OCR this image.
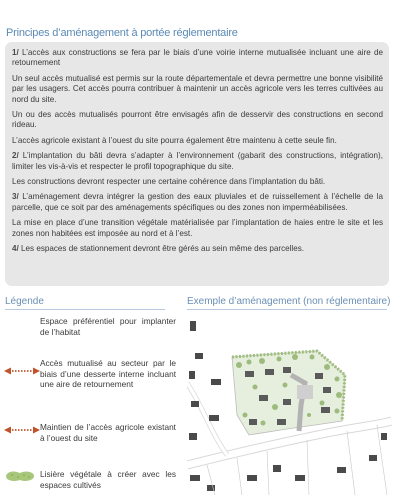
Principes d’aménagement à portée réglementaire

1/ L’accès aux constructions se fera par le biais d’une voirie interne mutualisée incluant une aire de retournement

Un seul accès mutualisé est permis sur la route départementale et devra permettre une bonne visibilité par les usagers. Cet accès pourra contribuer à maintenir un accès agricole vers les terres cultivées au nord du site.

Un ou des accès mutualisés pourront être envisagés afin de desservir des constructions en second rideau.

L’accès agricole existant à l’ouest du site pourra également être maintenu à cette seule fin.

2/ L’implantation du bâti devra s’adapter à l’environnement (gabarit des constructions, intégration), limiter les vis-à-vis et respecter le profil topographique du site.

Les constructions devront respecter une certaine cohérence dans l’implantation du bâti.

3/ L’aménagement devra intégrer la gestion des eaux pluviales et de ruissellement à l’échelle de la parcelle, que ce soit par des aménagements spécifiques ou des zones non imperméabilisées.

La mise en place d’une transition végétale matérialisée par l’implantation de haies entre le site et les zones non habitées est imposée au nord et à l’est.

4/ Les espaces de stationnement devront être gérés au sein même des parcelles.

Légende	Exemple d’aménagement (non réglementaire)
Espace préférentiel pour implanter de l’habitat
Accès mutualisé au secteur par le biais d’une desserte interne incluant une aire de retournement
Maintien de l’accès agricole existant à l’ouest du site
Lisière végétale à créer avec les espaces cultivés
